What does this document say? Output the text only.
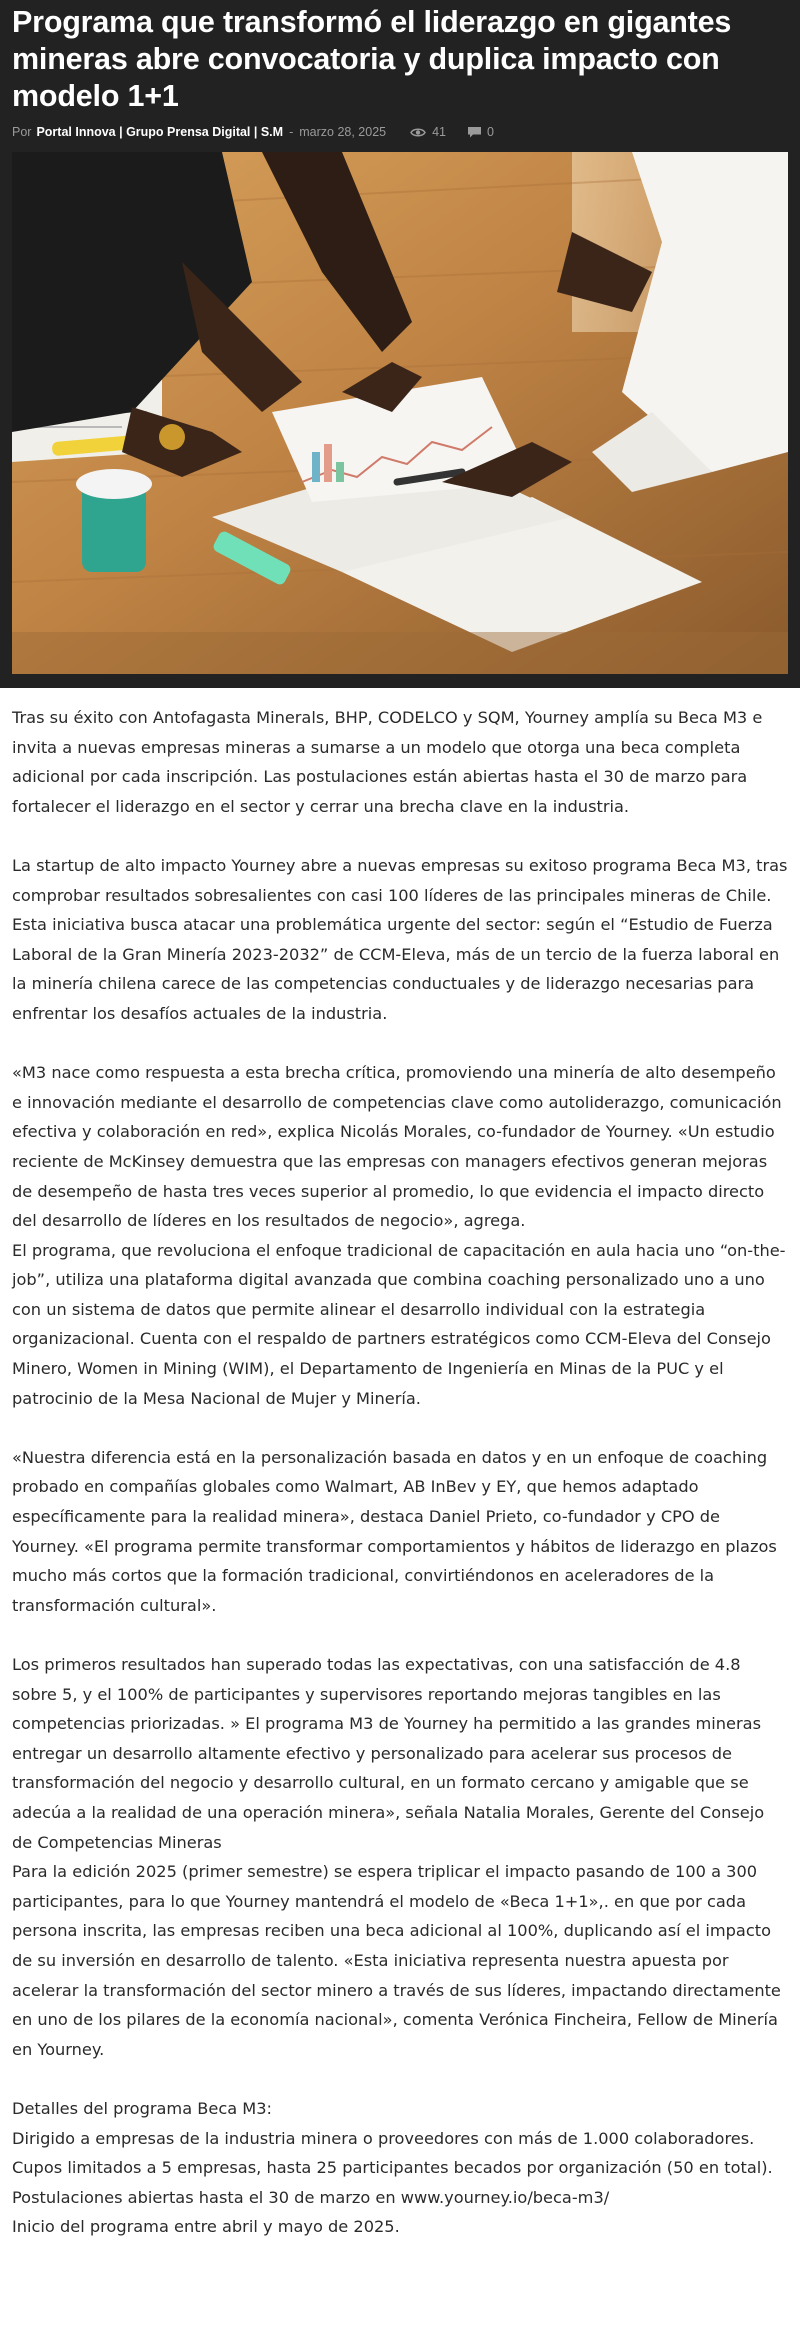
Programa que transformó el liderazgo en gigantes mineras abre convocatoria y duplica impacto con modelo 1+1
Por Portal Innova | Grupo Prensa Digital | S.M - marzo 28, 2025	41	0

Tras su éxito con Antofagasta Minerals, BHP, CODELCO y SQM, Yourney amplía su Beca M3 e invita a nuevas empresas mineras a sumarse a un modelo que otorga una beca completa adicional por cada inscripción. Las postulaciones están abiertas hasta el 30 de marzo para fortalecer el liderazgo en el sector y cerrar una brecha clave en la industria.

La startup de alto impacto Yourney abre a nuevas empresas su exitoso programa Beca M3, tras comprobar resultados sobresalientes con casi 100 líderes de las principales mineras de Chile. Esta iniciativa busca atacar una problemática urgente del sector: según el “Estudio de Fuerza Laboral de la Gran Minería 2023-2032” de CCM-Eleva, más de un tercio de la fuerza laboral en la minería chilena carece de las competencias conductuales y de liderazgo necesarias para enfrentar los desafíos actuales de la industria.

«M3 nace como respuesta a esta brecha crítica, promoviendo una minería de alto desempeño e innovación mediante el desarrollo de competencias clave como autoliderazgo, comunicación efectiva y colaboración en red», explica Nicolás Morales, co-fundador de Yourney. «Un estudio reciente de McKinsey demuestra que las empresas con managers efectivos generan mejoras de desempeño de hasta tres veces superior al promedio, lo que evidencia el impacto directo del desarrollo de líderes en los resultados de negocio», agrega.

El programa, que revoluciona el enfoque tradicional de capacitación en aula hacia uno “on-the-job”, utiliza una plataforma digital avanzada que combina coaching personalizado uno a uno con un sistema de datos que permite alinear el desarrollo individual con la estrategia organizacional. Cuenta con el respaldo de partners estratégicos como CCM-Eleva del Consejo Minero, Women in Mining (WIM), el Departamento de Ingeniería en Minas de la PUC y el patrocinio de la Mesa Nacional de Mujer y Minería.

«Nuestra diferencia está en la personalización basada en datos y en un enfoque de coaching probado en compañías globales como Walmart, AB InBev y EY, que hemos adaptado específicamente para la realidad minera», destaca Daniel Prieto, co-fundador y CPO de Yourney. «El programa permite transformar comportamientos y hábitos de liderazgo en plazos mucho más cortos que la formación tradicional, convirtiéndonos en aceleradores de la transformación cultural».

Los primeros resultados han superado todas las expectativas, con una satisfacción de 4.8 sobre 5, y el 100% de participantes y supervisores reportando mejoras tangibles en las competencias priorizadas. » El programa M3 de Yourney ha permitido a las grandes mineras entregar un desarrollo altamente efectivo y personalizado para acelerar sus procesos de transformación del negocio y desarrollo cultural, en un formato cercano y amigable que se adecúa a la realidad de una operación minera», señala Natalia Morales, Gerente del Consejo de Competencias Mineras

Para la edición 2025 (primer semestre) se espera triplicar el impacto pasando de 100 a 300 participantes, para lo que Yourney mantendrá el modelo de «Beca 1+1»,. en que por cada persona inscrita, las empresas reciben una beca adicional al 100%, duplicando así el impacto de su inversión en desarrollo de talento. «Esta iniciativa representa nuestra apuesta por acelerar la transformación del sector minero a través de sus líderes, impactando directamente en uno de los pilares de la economía nacional», comenta Verónica Fincheira, Fellow de Minería en Yourney.

Detalles del programa Beca M3:
Dirigido a empresas de la industria minera o proveedores con más de 1.000 colaboradores.
Cupos limitados a 5 empresas, hasta 25 participantes becados por organización (50 en total).
Postulaciones abiertas hasta el 30 de marzo en www.yourney.io/beca-m3/
Inicio del programa entre abril y mayo de 2025.
